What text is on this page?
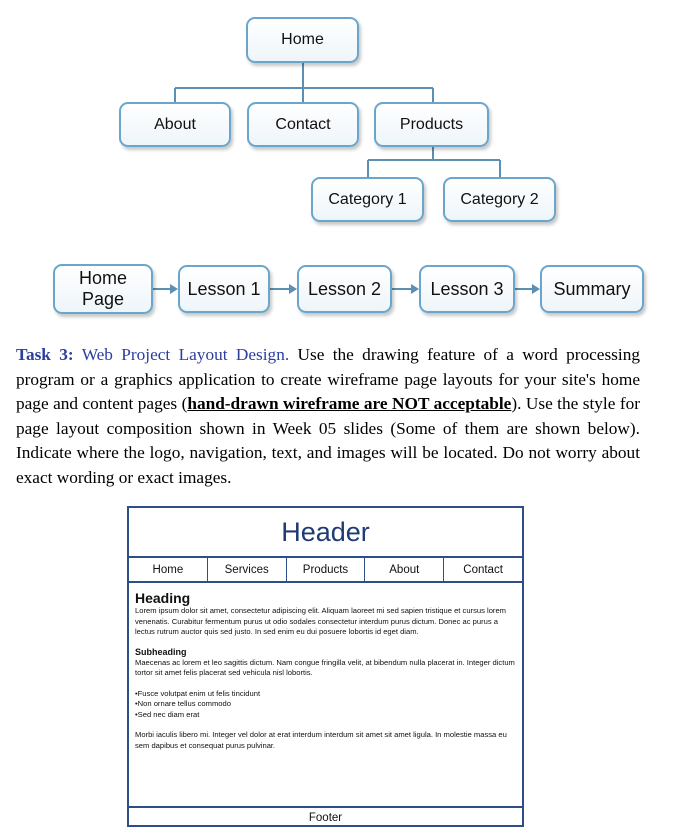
Home
About	Contact	Products
Category 1	Category 2
Home
Page
Lesson 1	Lesson 2	Lesson 3	Summary

Task 3: Web Project Layout Design. Use the drawing feature of a word processing program or a graphics application to create wireframe page layouts for your site's home page and content pages (hand-drawn wireframe are NOT acceptable). Use the style for page layout composition shown in Week 05 slides (Some of them are shown below). Indicate where the logo, navigation, text, and images will be located. Do not worry about exact wording or exact images.

Header
Home	Services	Products	About	Contact

Heading

Lorem ipsum dolor sit amet, consectetur adipiscing elit. Aliquam laoreet mi sed sapien tristique et cursus lorem venenatis. Curabitur fermentum purus ut odio sodales consectetur interdum purus dictum. Donec ac purus a lectus rutrum auctor quis sed justo. In sed enim eu dui posuere lobortis id eget diam.

Subheading

Maecenas ac lorem et leo sagittis dictum. Nam congue fringilla velit, at bibendum nulla placerat in. Integer dictum tortor sit amet felis placerat sed vehicula nisl lobortis.

• Fusce volutpat enim ut felis tincidunt
• Non ornare tellus commodo
• Sed nec diam erat

Morbi iaculis libero mi. Integer vel dolor at erat interdum interdum sit amet sit amet ligula. In molestie massa eu sem dapibus et consequat purus pulvinar.

Footer
